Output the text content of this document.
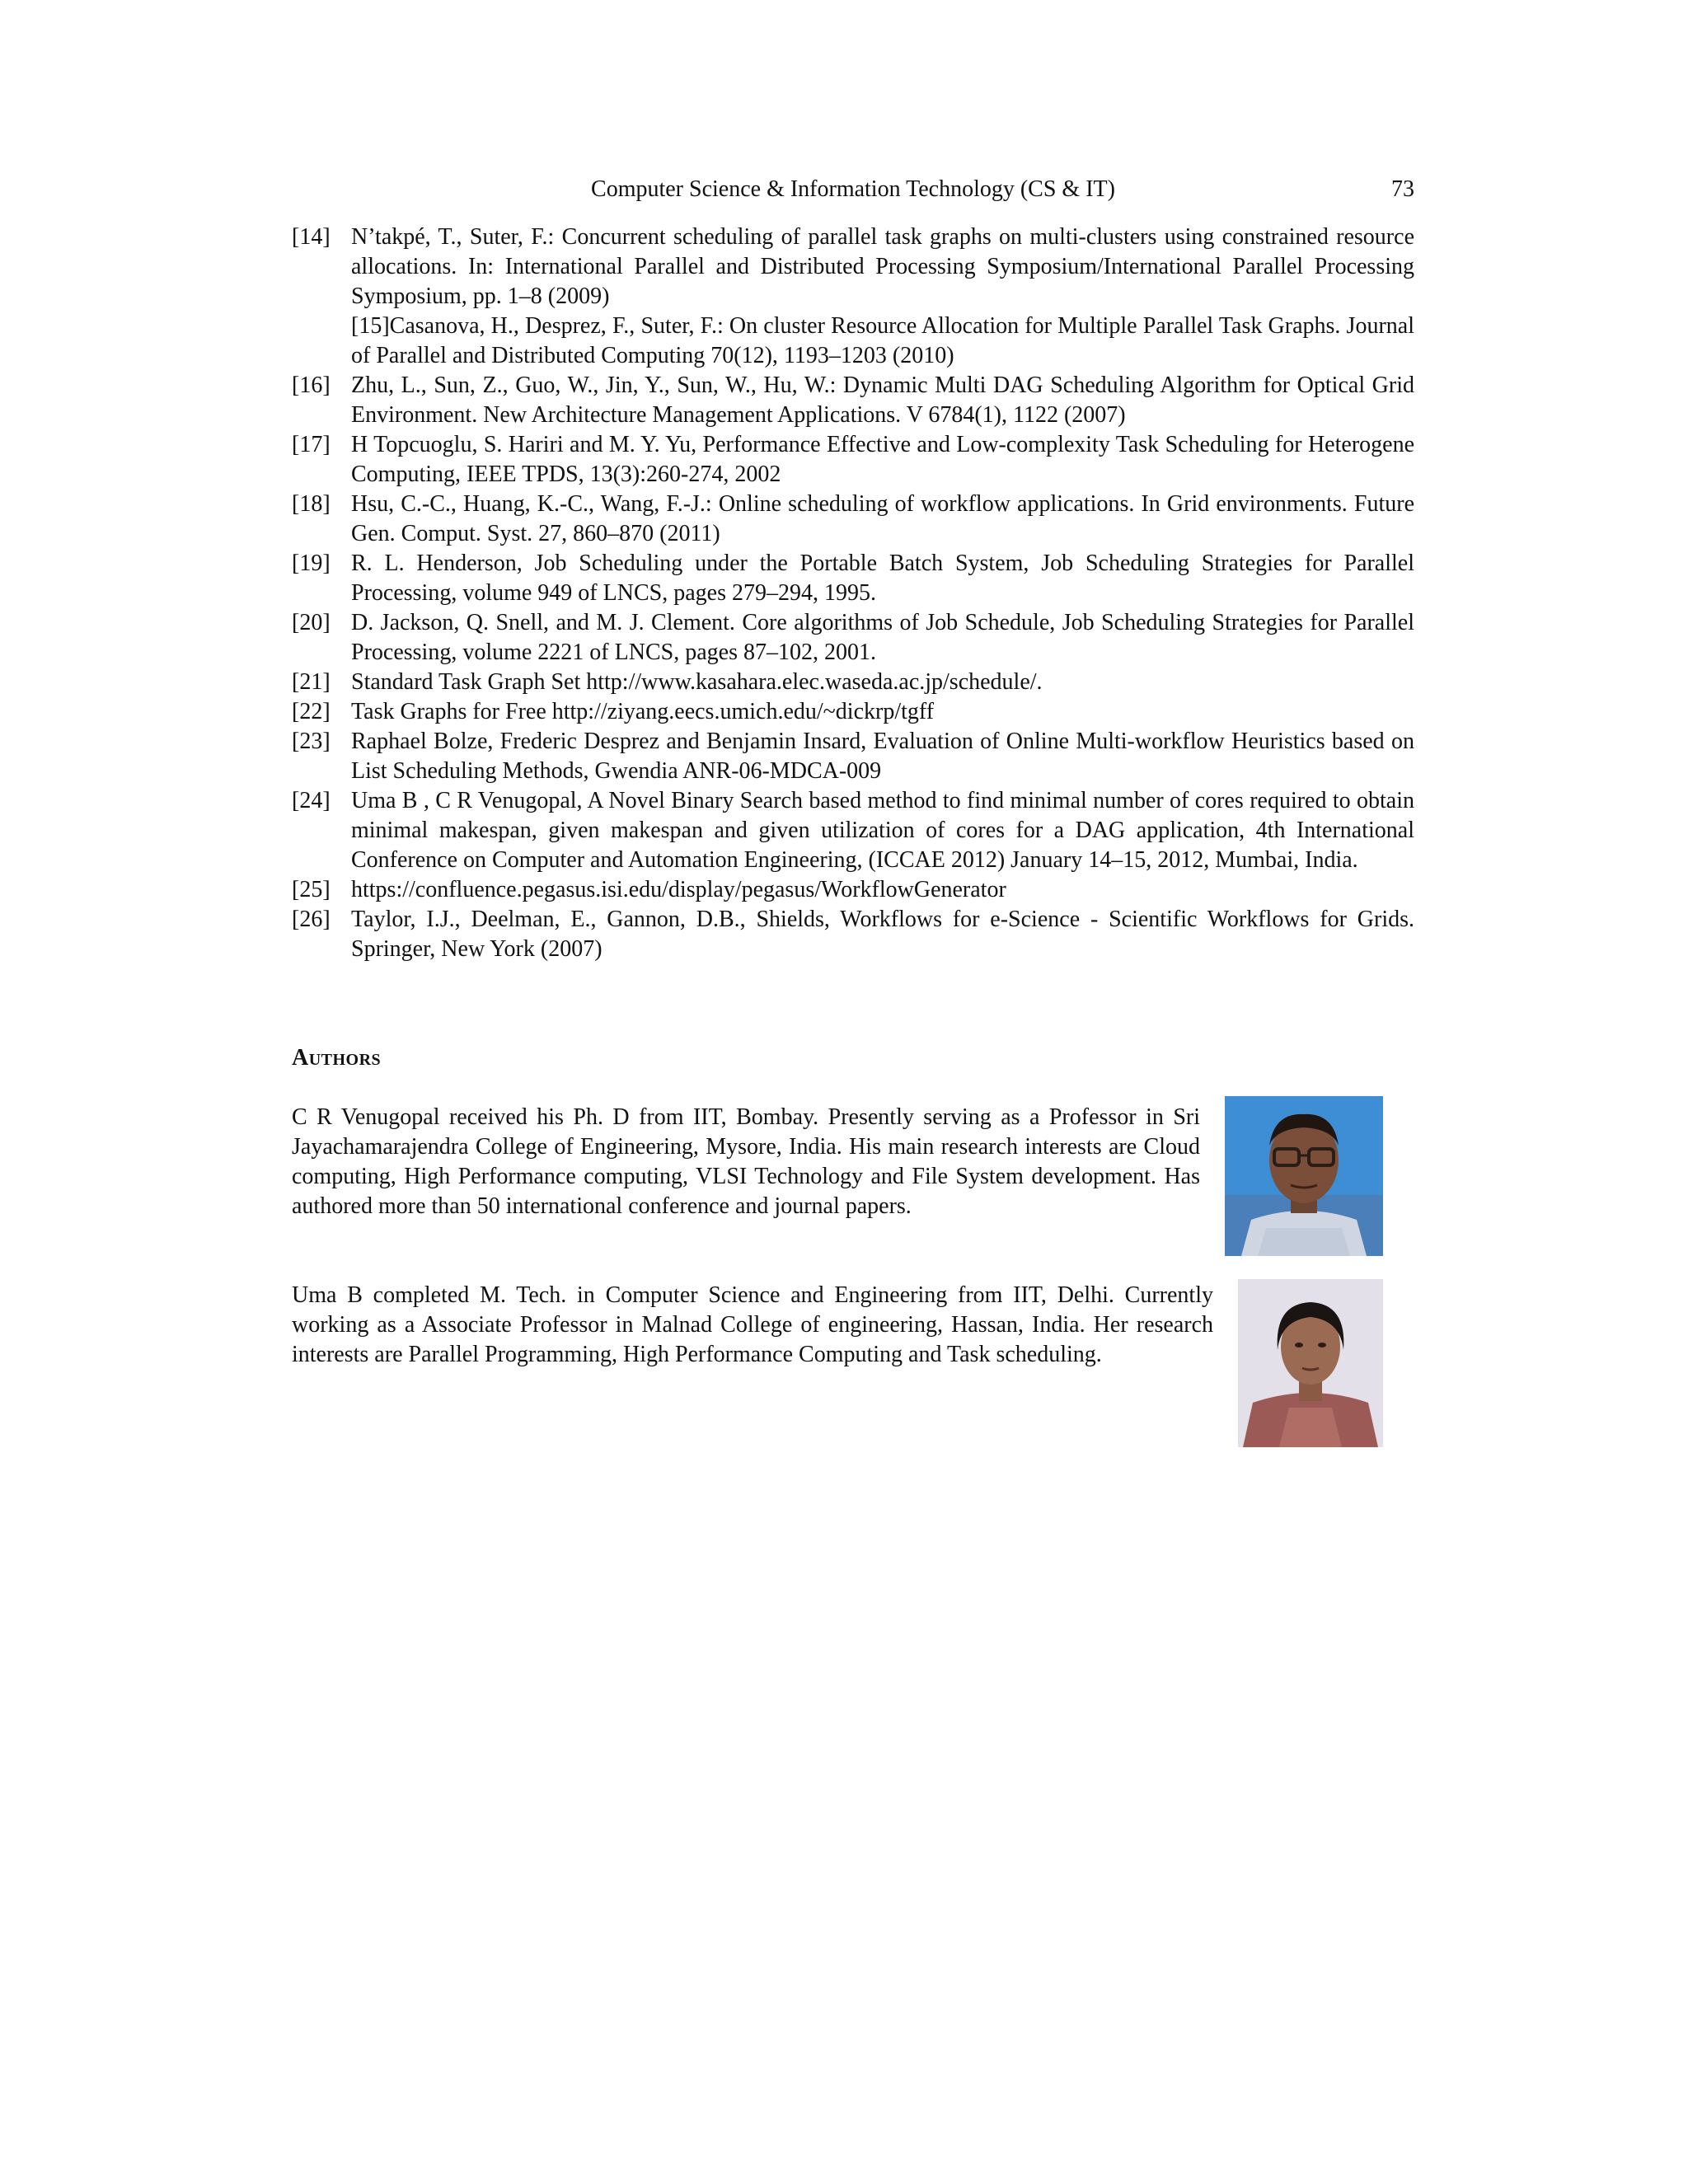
Computer Science & Information Technology (CS & IT)	73
[14] N’takpé, T., Suter, F.: Concurrent scheduling of parallel task graphs on multi-clusters using constrained resource allocations. In: International Parallel and Distributed Processing Symposium/International Parallel Processing Symposium, pp. 1–8 (2009)
[15]Casanova, H., Desprez, F., Suter, F.: On cluster Resource Allocation for Multiple Parallel Task Graphs. Journal of Parallel and Distributed Computing 70(12), 1193–1203 (2010)
[16] Zhu, L., Sun, Z., Guo, W., Jin, Y., Sun, W., Hu, W.: Dynamic Multi DAG Scheduling Algorithm for Optical Grid Environment. New Architecture Management Applications. V 6784(1), 1122 (2007)
[17] H Topcuoglu, S. Hariri and M. Y. Yu, Performance Effective and Low-complexity Task Scheduling for Heterogene Computing, IEEE TPDS, 13(3):260-274, 2002
[18] Hsu, C.-C., Huang, K.-C., Wang, F.-J.: Online scheduling of workflow applications. In Grid environments. Future Gen. Comput. Syst. 27, 860–870 (2011)
[19] R. L. Henderson, Job Scheduling under the Portable Batch System, Job Scheduling Strategies for Parallel Processing, volume 949 of LNCS, pages 279–294, 1995.
[20] D. Jackson, Q. Snell, and M. J. Clement. Core algorithms of Job Schedule, Job Scheduling Strategies for Parallel Processing, volume 2221 of LNCS, pages 87–102, 2001.
[21] Standard Task Graph Set http://www.kasahara.elec.waseda.ac.jp/schedule/.
[22] Task Graphs for Free http://ziyang.eecs.umich.edu/~dickrp/tgff
[23] Raphael Bolze, Frederic Desprez and Benjamin Insard, Evaluation of Online Multi-workflow Heuristics based on List Scheduling Methods, Gwendia ANR-06-MDCA-009
[24] Uma B , C R Venugopal, A Novel Binary Search based method to find minimal number of cores required to obtain minimal makespan, given makespan and given utilization of cores for a DAG application, 4th International Conference on Computer and Automation Engineering, (ICCAE 2012) January 14–15, 2012, Mumbai, India.
[25] https://confluence.pegasus.isi.edu/display/pegasus/WorkflowGenerator
[26] Taylor, I.J., Deelman, E., Gannon, D.B., Shields, Workflows for e-Science - Scientific Workflows for Grids. Springer, New York (2007)
Authors
C R Venugopal received his Ph. D from IIT, Bombay. Presently serving as a Professor in Sri Jayachamarajendra College of Engineering, Mysore, India. His main research interests are Cloud computing, High Performance computing, VLSI Technology and File System development. Has authored more than 50 international conference and journal papers.
Uma B completed M. Tech. in Computer Science and Engineering from IIT, Delhi. Currently working as a Associate Professor in Malnad College of engineering, Hassan, India. Her research interests are Parallel Programming, High Performance Computing and Task scheduling.
